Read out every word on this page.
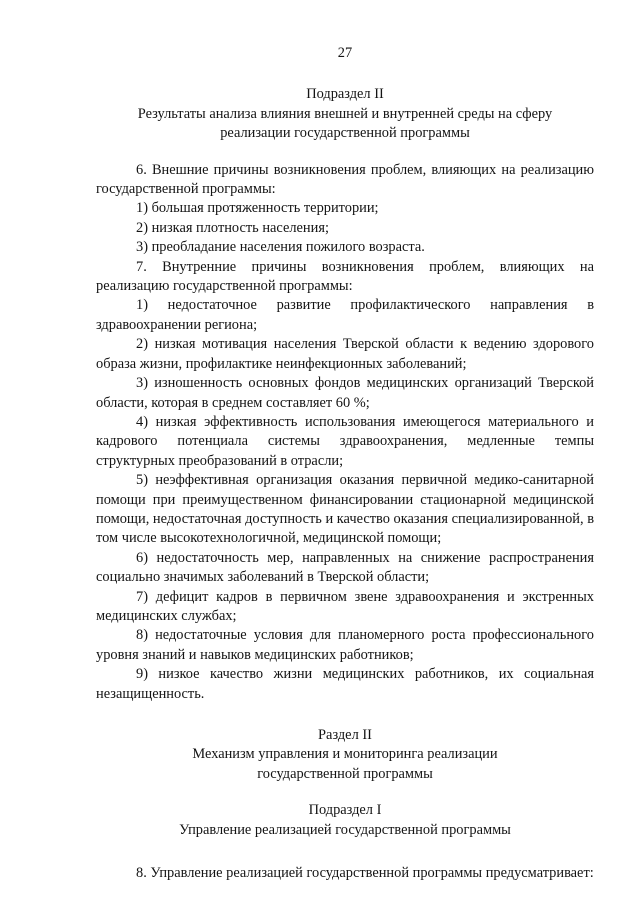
27

Подраздел II

Результаты анализа влияния внешней и внутренней среды на сферу

реализации государственной программы

6. Внешние причины возникновения проблем, влияющих на реализацию государственной программы:

1) большая протяженность территории;

2) низкая плотность населения;

3) преобладание населения пожилого возраста.

7. Внутренние причины возникновения проблем, влияющих на реализацию государственной программы:

1) недостаточное развитие профилактического направления в здравоохранении региона;

2) низкая мотивация населения Тверской области к ведению здорового образа жизни, профилактике неинфекционных заболеваний;

3) изношенность основных фондов медицинских организаций Тверской области, которая в среднем составляет 60 %;

4) низкая эффективность использования имеющегося материального и кадрового потенциала системы здравоохранения, медленные темпы структурных преобразований в отрасли;

5) неэффективная организация оказания первичной медико-санитарной помощи при преимущественном финансировании стационарной медицинской помощи, недостаточная доступность и качество оказания специализированной, в том числе высокотехнологичной, медицинской помощи;

6) недостаточность мер, направленных на снижение распространения социально значимых заболеваний в Тверской области;

7) дефицит кадров в первичном звене здравоохранения и экстренных медицинских службах;

8) недостаточные условия для планомерного роста профессионального уровня знаний и навыков медицинских работников;

9) низкое качество жизни медицинских работников, их социальная незащищенность.

Раздел II

Механизм управления и мониторинга реализации

государственной программы

Подраздел I

Управление реализацией государственной программы

8. Управление реализацией государственной программы предусматривает:
